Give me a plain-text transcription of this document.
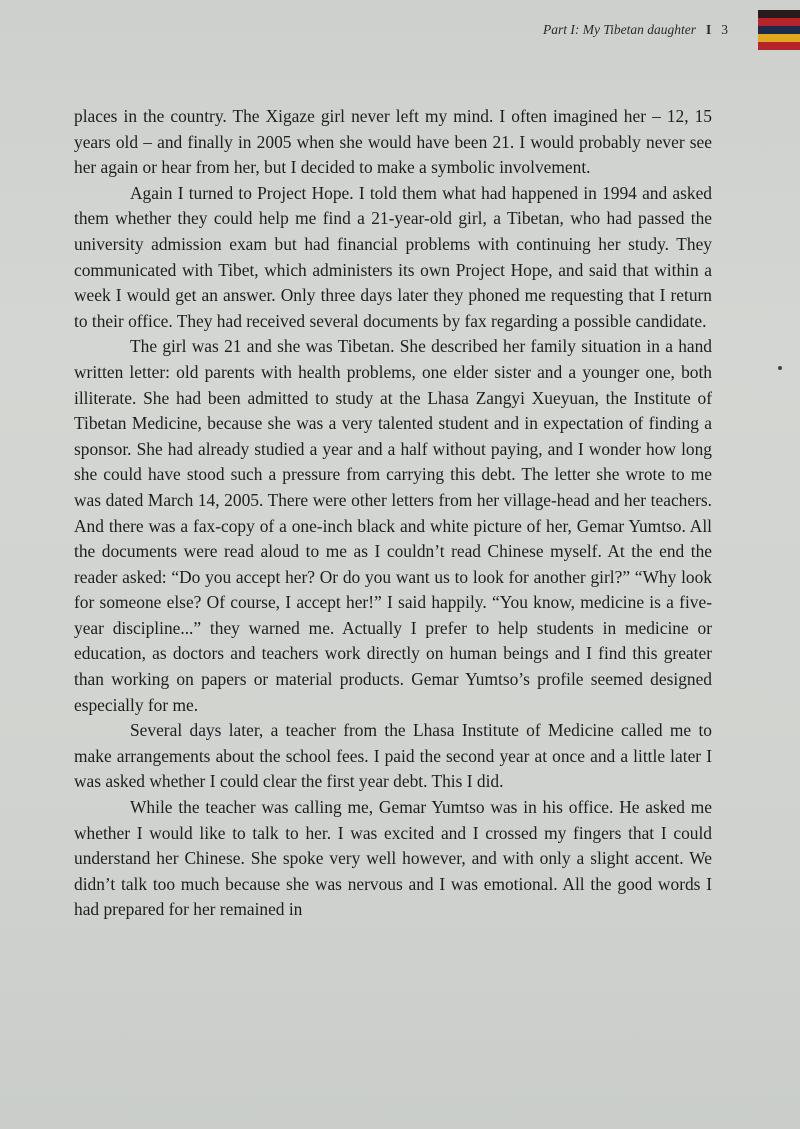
Part I: My Tibetan daughter I 3

places in the country. The Xigaze girl never left my mind. I often imagined her – 12, 15 years old – and finally in 2005 when she would have been 21. I would probably never see her again or hear from her, but I decided to make a symbolic involvement.

Again I turned to Project Hope. I told them what had happened in 1994 and asked them whether they could help me find a 21-year-old girl, a Tibetan, who had passed the university admission exam but had financial problems with continuing her study. They communicated with Tibet, which administers its own Project Hope, and said that within a week I would get an answer. Only three days later they phoned me requesting that I return to their office. They had received several documents by fax regarding a possible candidate.

The girl was 21 and she was Tibetan. She described her family situation in a hand written letter: old parents with health problems, one elder sister and a younger one, both illiterate. She had been admitted to study at the Lhasa Zangyi Xueyuan, the Institute of Tibetan Medicine, because she was a very talented student and in expectation of finding a sponsor. She had already studied a year and a half without paying, and I wonder how long she could have stood such a pressure from carrying this debt. The letter she wrote to me was dated March 14, 2005. There were other letters from her village-head and her teachers. And there was a fax-copy of a one-inch black and white picture of her, Gemar Yumtso. All the documents were read aloud to me as I couldn’t read Chinese myself. At the end the reader asked: “Do you accept her? Or do you want us to look for another girl?” “Why look for someone else? Of course, I accept her!” I said happily. “You know, medicine is a five-year discipline...” they warned me. Actually I prefer to help students in medicine or education, as doctors and teachers work directly on human beings and I find this greater than working on papers or material products. Gemar Yumtso’s profile seemed designed especially for me.

Several days later, a teacher from the Lhasa Institute of Medicine called me to make arrangements about the school fees. I paid the second year at once and a little later I was asked whether I could clear the first year debt. This I did.

While the teacher was calling me, Gemar Yumtso was in his office. He asked me whether I would like to talk to her. I was excited and I crossed my fingers that I could understand her Chinese. She spoke very well however, and with only a slight accent. We didn’t talk too much because she was nervous and I was emotional. All the good words I had prepared for her remained in
